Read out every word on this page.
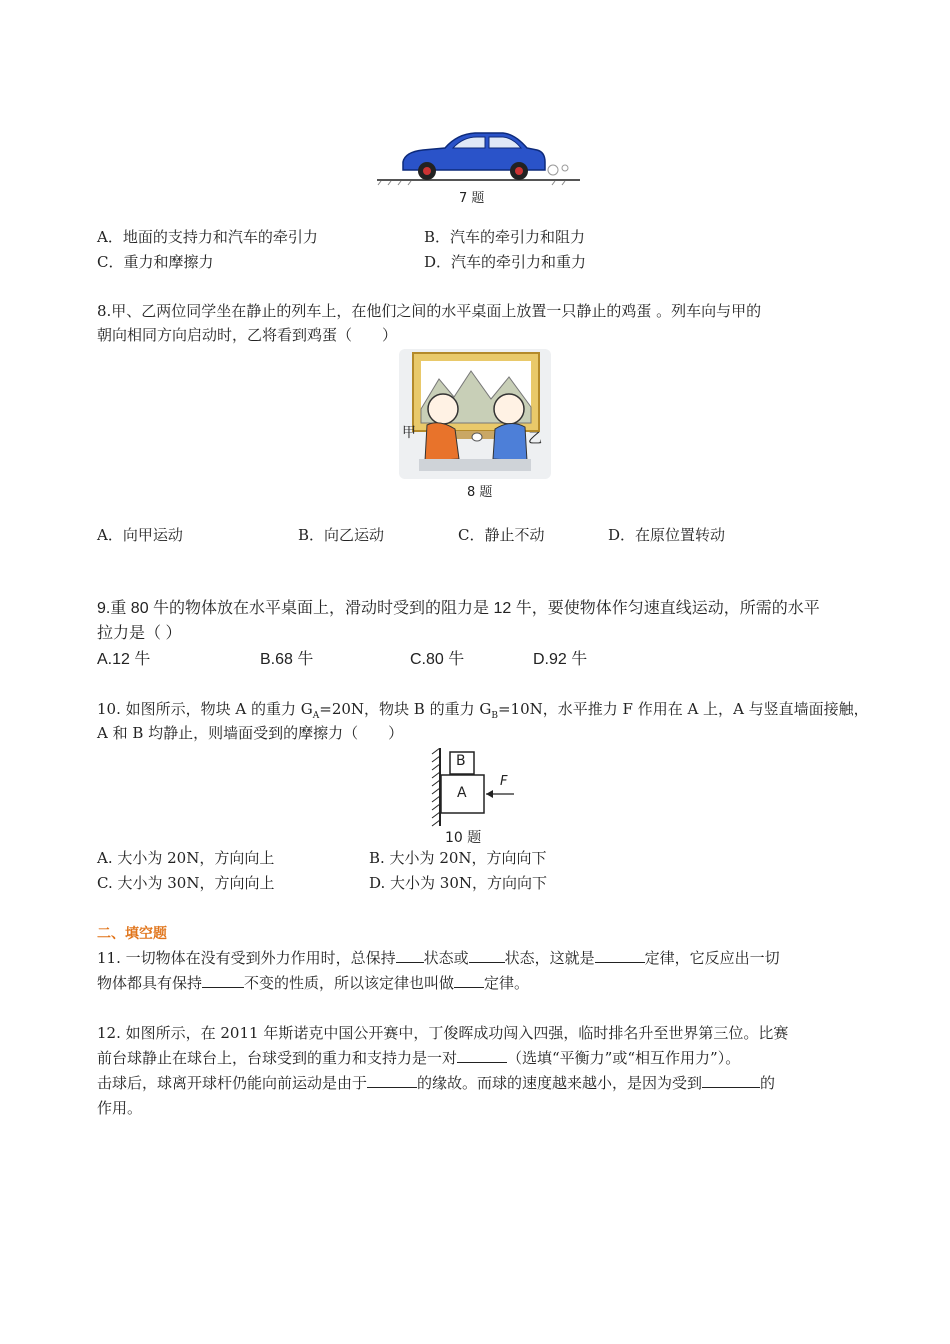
7 题
A．地面的支持力和汽车的牵引力	B．汽车的牵引力和阻力
C．重力和摩擦力	D．汽车的牵引力和重力
8.甲、乙两位同学坐在静止的列车上，在他们之间的水平桌面上放置一只静止的鸡蛋 。列车向与甲的
朝向相同方向启动时，乙将看到鸡蛋（　　）
甲	乙
8 题
A．向甲运动	B．向乙运动	C．静止不动	D．在原位置转动
9.重 80 牛的物体放在水平桌面上，滑动时受到的阻力是 12 牛，要使物体作匀速直线运动，所需的水平
拉力是（ ）
A.12 牛	B.68 牛	C.80 牛	D.92 牛
10. 如图所示，物块 A 的重力 $G_A=20N$，物块 B 的重力 $G_B=10N$，水平推力 F 作用在 A 上，A 与竖直墙面接触，
A 和 B 均静止，则墙面受到的摩擦力（　　）
B
A
F
10 题
A. 大小为 20N，方向向上	B. 大小为 20N，方向向下
C. 大小为 30N，方向向上	D. 大小为 30N，方向向下
二、填空题
11. 一切物体在没有受到外力作用时，总保持 状态或 状态，这就是	定律，它反应出一切
物体都具有保持	不变的性质，所以该定律也叫做 定律。
12. 如图所示，在 2011 年斯诺克中国公开赛中，丁俊晖成功闯入四强，临时排名升至世界第三位。比赛
前台球静止在球台上，台球受到的重力和支持力是一对	（选填“平衡力”或“相互作用力”）。
击球后，球离开球杆仍能向前运动是由于	的缘故。而球的速度越来越小，是因为受到	的
作用。
